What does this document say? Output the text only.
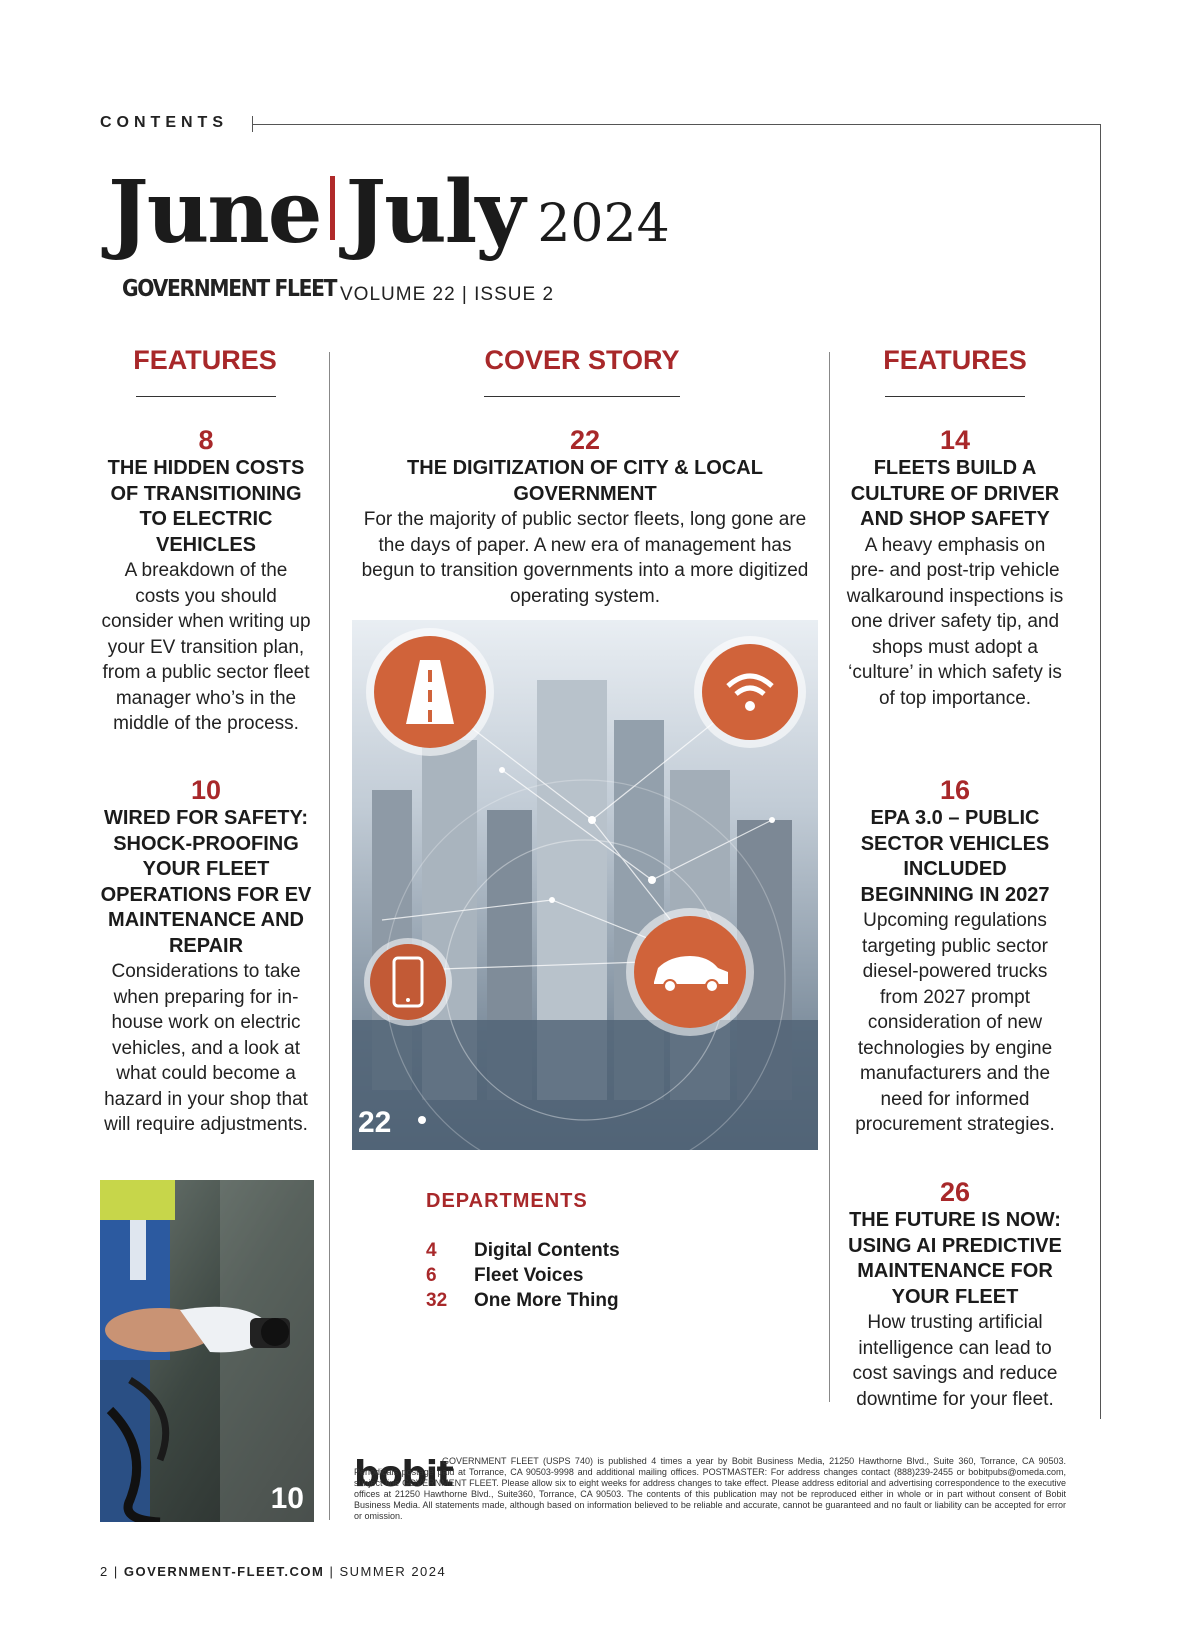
CONTENTS
June July 2024
GOVERNMENT FLEET VOLUME 22 | ISSUE 2
FEATURES
8
THE HIDDEN COSTS OF TRANSITIONING TO ELECTRIC VEHICLES
A breakdown of the costs you should consider when writing up your EV transition plan, from a public sector fleet manager who’s in the middle of the process.
10
WIRED FOR SAFETY: SHOCK-PROOFING YOUR FLEET OPERATIONS FOR EV MAINTENANCE AND REPAIR
Considerations to take when preparing for in-house work on electric vehicles, and a look at what could become a hazard in your shop that will require adjustments.
10
COVER STORY
22
THE DIGITIZATION OF CITY & LOCAL GOVERNMENT
For the majority of public sector fleets, long gone are the days of paper. A new era of management has begun to transition governments into a more digitized operating system.
22
DEPARTMENTS
4	Digital Contents
6	Fleet Voices
32	One More Thing
FEATURES
14
FLEETS BUILD A CULTURE OF DRIVER AND SHOP SAFETY
A heavy emphasis on pre- and post-trip vehicle walkaround inspections is one driver safety tip, and shops must adopt a ‘culture’ in which safety is of top importance.
16
EPA 3.0 – PUBLIC SECTOR VEHICLES INCLUDED BEGINNING IN 2027
Upcoming regulations targeting public sector diesel-powered trucks from 2027 prompt consideration of new technologies by engine manufacturers and the need for informed procurement strategies.
26
THE FUTURE IS NOW: USING AI PREDICTIVE MAINTENANCE FOR YOUR FLEET
How trusting artificial intelligence can lead to cost savings and reduce downtime for your fleet.
bobit
GOVERNMENT FLEET (USPS 740) is published 4 times a year by Bobit Business Media, 21250 Hawthorne Blvd., Suite 360, Torrance, CA 90503. Periodicals postage paid at Torrance, CA 90503-9998 and additional mailing offices. POSTMASTER: For address changes contact (888)239-2455 or bobitpubs@omeda.com, subject line GOVERNMENT FLEET. Please allow six to eight weeks for address changes to take effect. Please address editorial and advertising correspondence to the executive offices at 21250 Hawthorne Blvd., Suite360, Torrance, CA 90503. The contents of this publication may not be reproduced either in whole or in part without consent of Bobit Business Media. All statements made, although based on information believed to be reliable and accurate, cannot be guaranteed and no fault or liability can be accepted for error or omission.
2 | GOVERNMENT-FLEET.COM | SUMMER 2024
